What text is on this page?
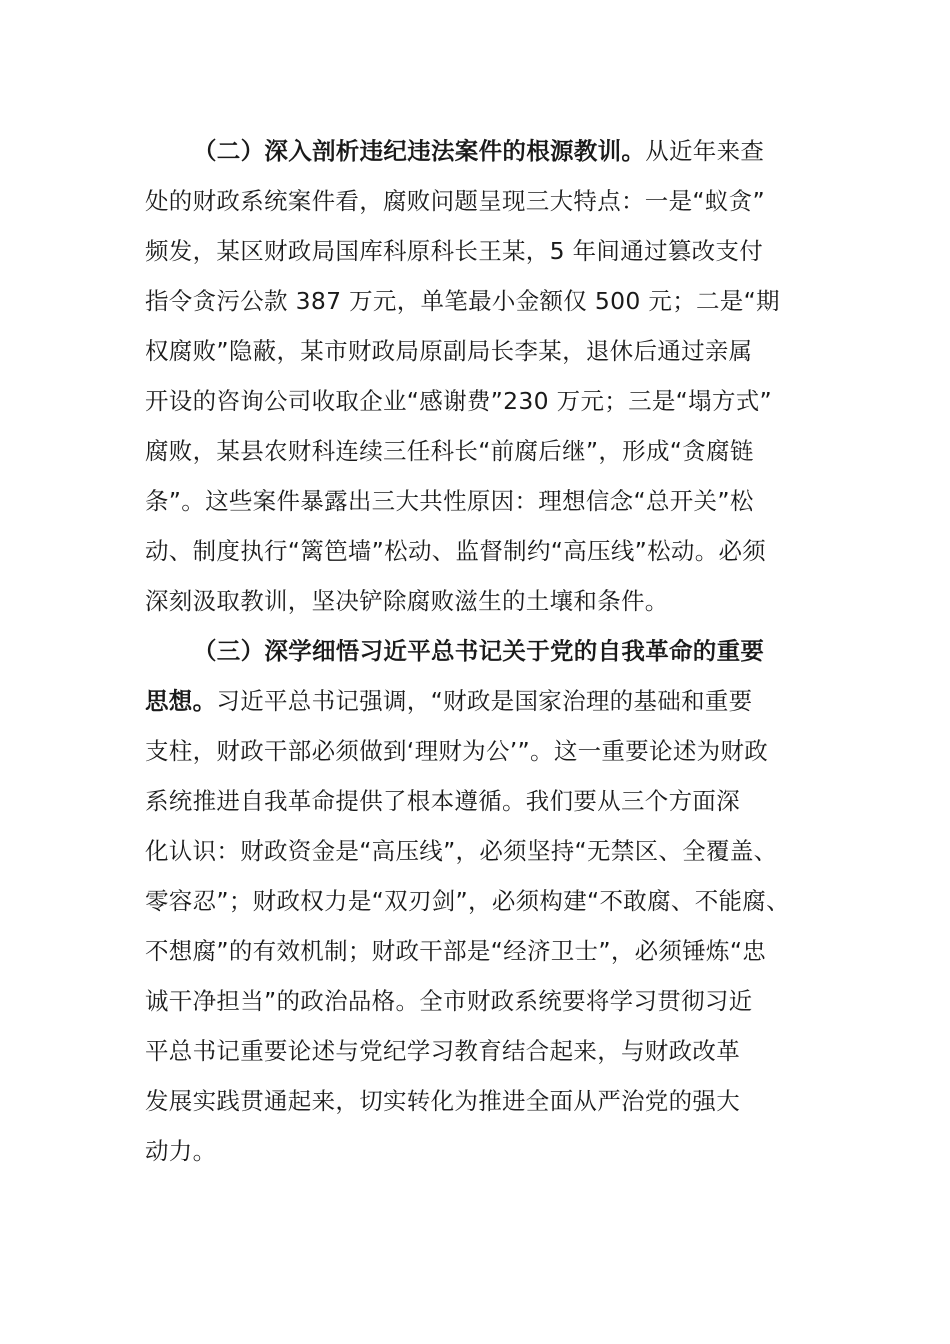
（二）深入剖析违纪违法案件的根源教训。从近年来查
处的财政系统案件看，腐败问题呈现三大特点：一是“蚁贪”
频发，某区财政局国库科原科长王某，5 年间通过篡改支付
指令贪污公款 387 万元，单笔最小金额仅 500 元；二是“期
权腐败”隐蔽，某市财政局原副局长李某，退休后通过亲属
开设的咨询公司收取企业“感谢费”230 万元；三是“塌方式”
腐败，某县农财科连续三任科长“前腐后继”，形成“贪腐链
条”。这些案件暴露出三大共性原因：理想信念“总开关”松
动、制度执行“篱笆墙”松动、监督制约“高压线”松动。必须
深刻汲取教训，坚决铲除腐败滋生的土壤和条件。
（三）深学细悟习近平总书记关于党的自我革命的重要
思想。习近平总书记强调，“财政是国家治理的基础和重要
支柱，财政干部必须做到‘理财为公’”。这一重要论述为财政
系统推进自我革命提供了根本遵循。我们要从三个方面深
化认识：财政资金是“高压线”，必须坚持“无禁区、全覆盖、
零容忍”；财政权力是“双刃剑”，必须构建“不敢腐、不能腐、
不想腐”的有效机制；财政干部是“经济卫士”，必须锤炼“忠
诚干净担当”的政治品格。全市财政系统要将学习贯彻习近
平总书记重要论述与党纪学习教育结合起来，与财政改革
发展实践贯通起来，切实转化为推进全面从严治党的强大
动力。
